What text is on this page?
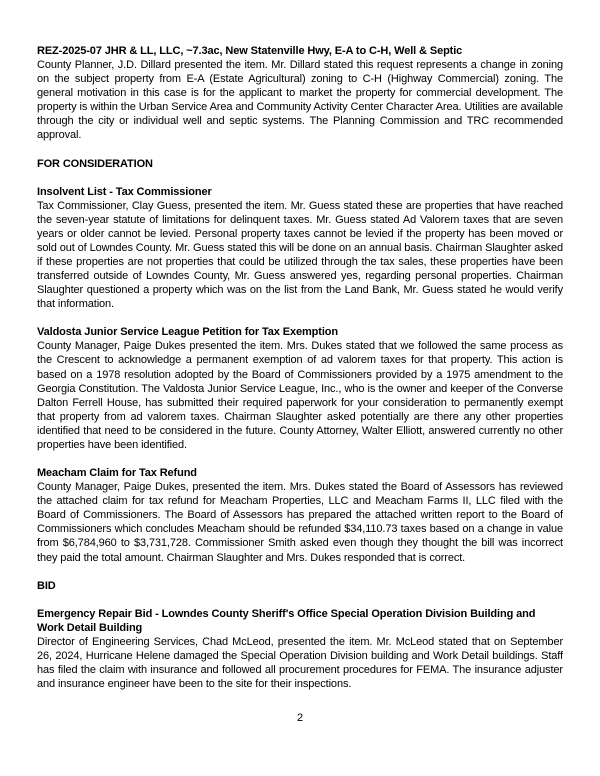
REZ-2025-07 JHR & LL, LLC, ~7.3ac, New Statenville Hwy, E-A to C-H, Well & Septic
County Planner, J.D. Dillard presented the item. Mr. Dillard stated this request represents a change in zoning on the subject property from E-A (Estate Agricultural) zoning to C-H (Highway Commercial) zoning. The general motivation in this case is for the applicant to market the property for commercial development. The property is within the Urban Service Area and Community Activity Center Character Area. Utilities are available through the city or individual well and septic systems. The Planning Commission and TRC recommended approval.
FOR CONSIDERATION
Insolvent List - Tax Commissioner
Tax Commissioner, Clay Guess, presented the item. Mr. Guess stated these are properties that have reached the seven-year statute of limitations for delinquent taxes. Mr. Guess stated Ad Valorem taxes that are seven years or older cannot be levied. Personal property taxes cannot be levied if the property has been moved or sold out of Lowndes County. Mr. Guess stated this will be done on an annual basis. Chairman Slaughter asked if these properties are not properties that could be utilized through the tax sales, these properties have been transferred outside of Lowndes County, Mr. Guess answered yes, regarding personal properties. Chairman Slaughter questioned a property which was on the list from the Land Bank, Mr. Guess stated he would verify that information.
Valdosta Junior Service League Petition for Tax Exemption
County Manager, Paige Dukes presented the item. Mrs. Dukes stated that we followed the same process as the Crescent to acknowledge a permanent exemption of ad valorem taxes for that property. This action is based on a 1978 resolution adopted by the Board of Commissioners provided by a 1975 amendment to the Georgia Constitution. The Valdosta Junior Service League, Inc., who is the owner and keeper of the Converse Dalton Ferrell House, has submitted their required paperwork for your consideration to permanently exempt that property from ad valorem taxes. Chairman Slaughter asked potentially are there any other properties identified that need to be considered in the future. County Attorney, Walter Elliott, answered currently no other properties have been identified.
Meacham Claim for Tax Refund
County Manager, Paige Dukes, presented the item. Mrs. Dukes stated the Board of Assessors has reviewed the attached claim for tax refund for Meacham Properties, LLC and Meacham Farms II, LLC filed with the Board of Commissioners. The Board of Assessors has prepared the attached written report to the Board of Commissioners which concludes Meacham should be refunded $34,110.73 taxes based on a change in value from $6,784,960 to $3,731,728. Commissioner Smith asked even though they thought the bill was incorrect they paid the total amount. Chairman Slaughter and Mrs. Dukes responded that is correct.
BID
Emergency Repair Bid - Lowndes County Sheriff's Office Special Operation Division Building and Work Detail Building
Director of Engineering Services, Chad McLeod, presented the item. Mr. McLeod stated that on September 26, 2024, Hurricane Helene damaged the Special Operation Division building and Work Detail buildings. Staff has filed the claim with insurance and followed all procurement procedures for FEMA. The insurance adjuster and insurance engineer have been to the site for their inspections.
2
